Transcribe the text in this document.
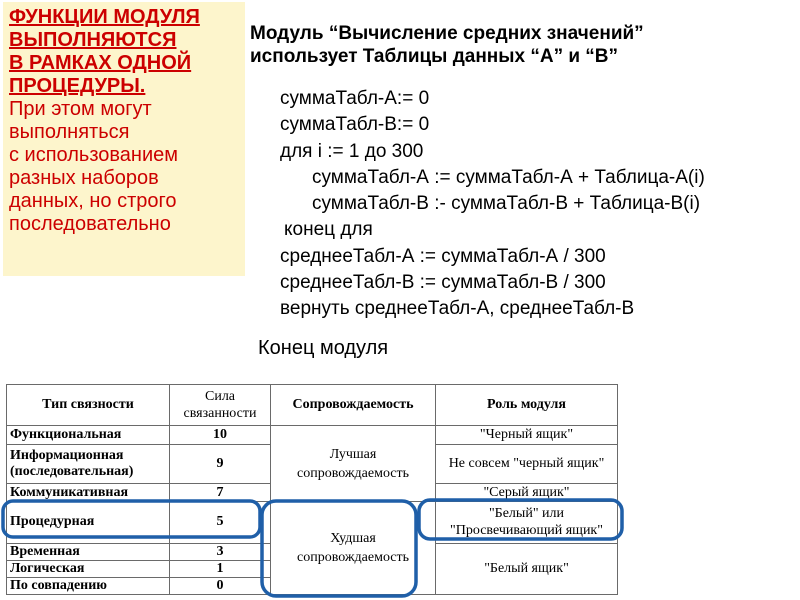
ФУНКЦИИ МОДУЛЯ
ВЫПОЛНЯЮТСЯ
В РАМКАХ ОДНОЙ
ПРОЦЕДУРЫ.
При этом могут
выполняться
с использованием
разных наборов
данных, но строго
последовательно
Модуль “Вычисление средних значений”
использует Таблицы данных “А” и “В”
суммаТабл-А:= 0
суммаТабл-В:= 0
для i := 1 до 300
суммаТабл-А := суммаТабл-А + Таблица-А(i)
суммаТабл-В :- суммаТабл-В + Таблица-В(i)
конец для
среднееТабл-А := суммаТабл-А / 300
среднееТабл-В := суммаТабл-В / 300
вернуть среднееТабл-А, среднееТабл-В
Конец модуля
Тип связности	Сила связанности	Сопровождаемость	Роль модуля
Функциональная	10	Лучшая сопровождаемость	"Черный ящик"
Информационная (последовательная)	9		Не совсем "черный ящик"
Коммуникативная	7		"Серый ящик"
Процедурная	5	Худшая сопровождаемость	"Белый" или "Просвечивающий ящик"
Временная	3		"Белый ящик"
Логическая	1		
По совпадению	0		
